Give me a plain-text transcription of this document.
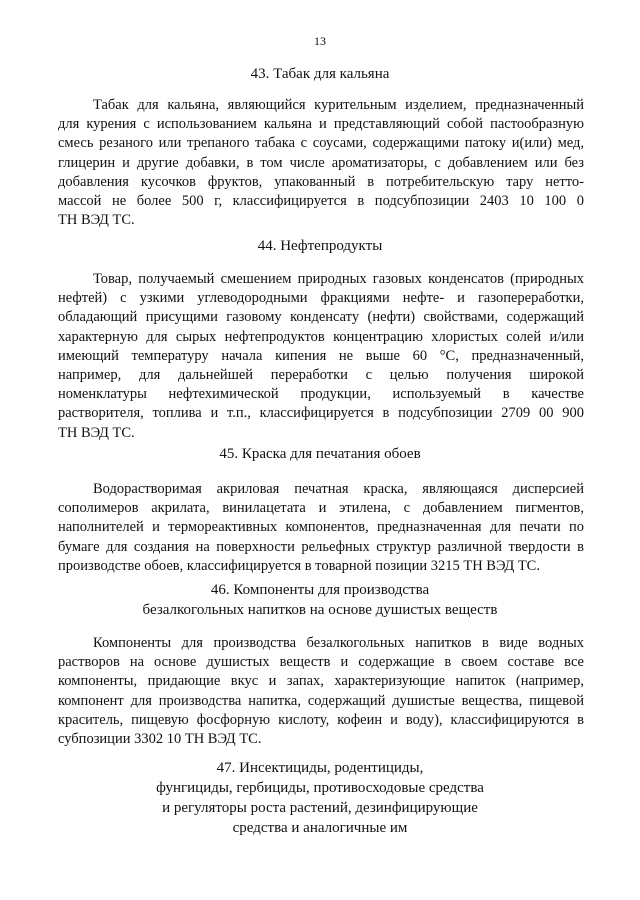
13
43. Табак для кальяна
Табак для кальяна, являющийся курительным изделием, предназначенный
для курения с использованием кальяна и представляющий собой пастообразную
смесь резаного или трепаного табака с соусами, содержащими патоку и(или) мед,
глицерин и другие добавки, в том числе ароматизаторы, с добавлением или без
добавления кусочков фруктов, упакованный в потребительскую тару нетто-
массой не более 500 г, классифицируется в подсубпозиции 2403 10 100 0
ТН ВЭД ТС.
44. Нефтепродукты
Товар, получаемый смешением природных газовых конденсатов (природных
нефтей) с узкими углеводородными фракциями нефте- и газопереработки,
обладающий присущими газовому конденсату (нефти) свойствами, содержащий
характерную для сырых нефтепродуктов концентрацию хлористых солей и/или
имеющий температуру начала кипения не выше 60 °С, предназначенный,
например, для дальнейшей переработки с целью получения широкой
номенклатуры нефтехимической продукции, используемый в качестве
растворителя, топлива и т.п., классифицируется в подсубпозиции 2709 00 900
ТН ВЭД ТС.
45. Краска для печатания обоев
Водорастворимая акриловая печатная краска, являющаяся дисперсией
сополимеров акрилата, винилацетата и этилена, с добавлением пигментов,
наполнителей и термореактивных компонентов, предназначенная для печати по
бумаге для создания на поверхности рельефных структур различной твердости в
производстве обоев, классифицируется в товарной позиции 3215 ТН ВЭД ТС.
46. Компоненты для производства
безалкогольных напитков на основе душистых веществ
Компоненты для производства безалкогольных напитков в виде водных
растворов на основе душистых веществ и содержащие в своем составе все
компоненты, придающие вкус и запах, характеризующие напиток (например,
компонент для производства напитка, содержащий душистые вещества, пищевой
краситель, пищевую фосфорную кислоту, кофеин и воду), классифицируются в
субпозиции 3302 10 ТН ВЭД ТС.
47. Инсектициды, родентициды,
фунгициды, гербициды, противосходовые средства
и регуляторы роста растений, дезинфицирующие
средства и аналогичные им
